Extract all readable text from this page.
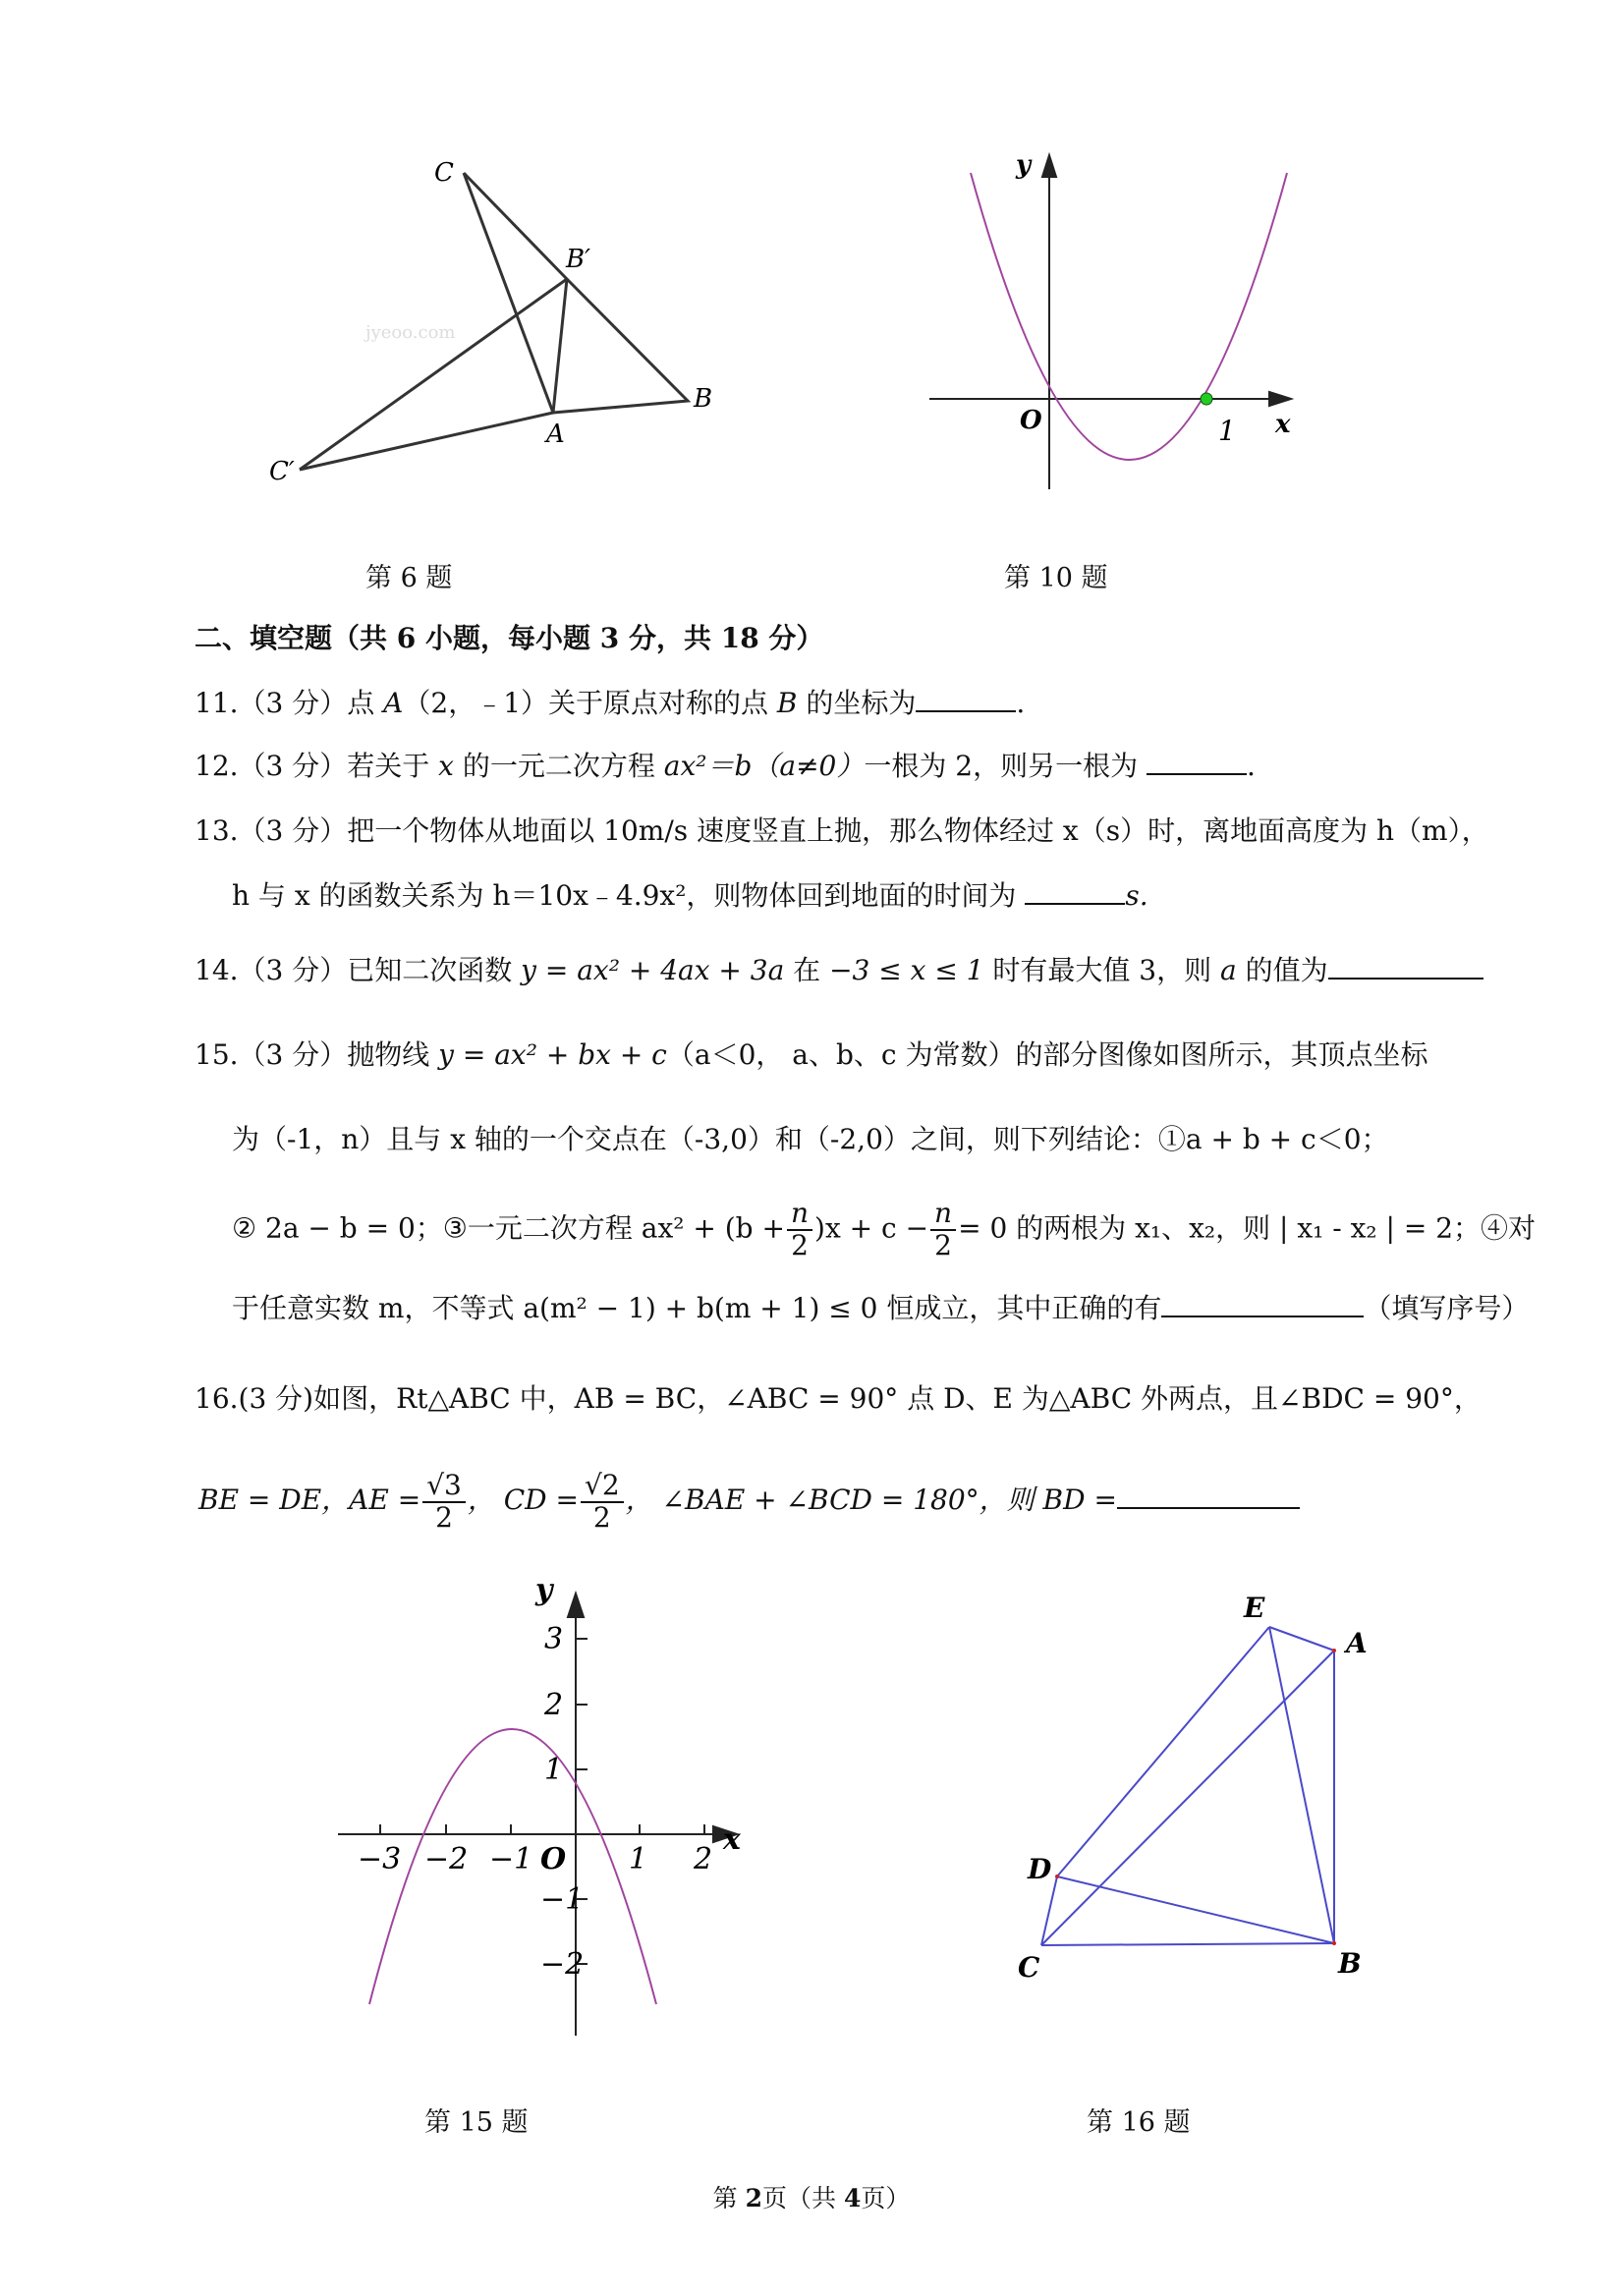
C
B′
B
A
C′
jyeoo.com
第 6 题
y
O	1 x
第 10 题
二、填空题（共 6 小题，每小题 3 分，共 18 分）
11.（3 分）点 A（2，﹣1）关于原点对称的点 B 的坐标为	.
12.（3 分）若关于 x 的一元二次方程 ax²＝b（a≠0）一根为 2，则另一根为	.
13.（3 分）把一个物体从地面以 10m/s 速度竖直上抛，那么物体经过 x（s）时，离地面高度为 h（m），
h 与 x 的函数关系为 h＝10x﹣4.9x²，则物体回到地面的时间为	s.
14.（3 分）已知二次函数 y = ax² + 4ax + 3a 在 −3 ≤ x ≤ 1 时有最大值 3，则 a 的值为
15.（3 分）抛物线 y = ax² + bx + c（a＜0， a、b、c 为常数）的部分图像如图所示，其顶点坐标
为（-1，n）且与 x 轴的一个交点在（-3,0）和（-2,0）之间，则下列结论：①a + b + c＜0；
② 2a − b = 0；③一元二次方程 $ax^2 + (b + \frac{n}{2} )x + c - \frac{n}{2} = 0$ 的两根为 x₁、x₂，则 | x₁ - x₂ | = 2；④对
于任意实数 m，不等式 a(m² − 1) + b(m + 1) ≤ 0 恒成立，其中正确的有	（填写序号）
16.(3 分)如图，Rt△ABC 中，AB = BC，∠ABC = 90° 点 D、E 为△ABC 外两点，且∠BDC = 90°，
BE = DE，AE = $\frac{√3}{2}$ ， CD = $\frac{√2}{2}$ ， ∠BAE + ∠BCD = 180°，则 BD =
y
x
O
−3 −2 −1	1 2
3
2
1
−1
−2
第 15 题
E
A
D
C	B
第 16 题
第 2页（共 4页）
